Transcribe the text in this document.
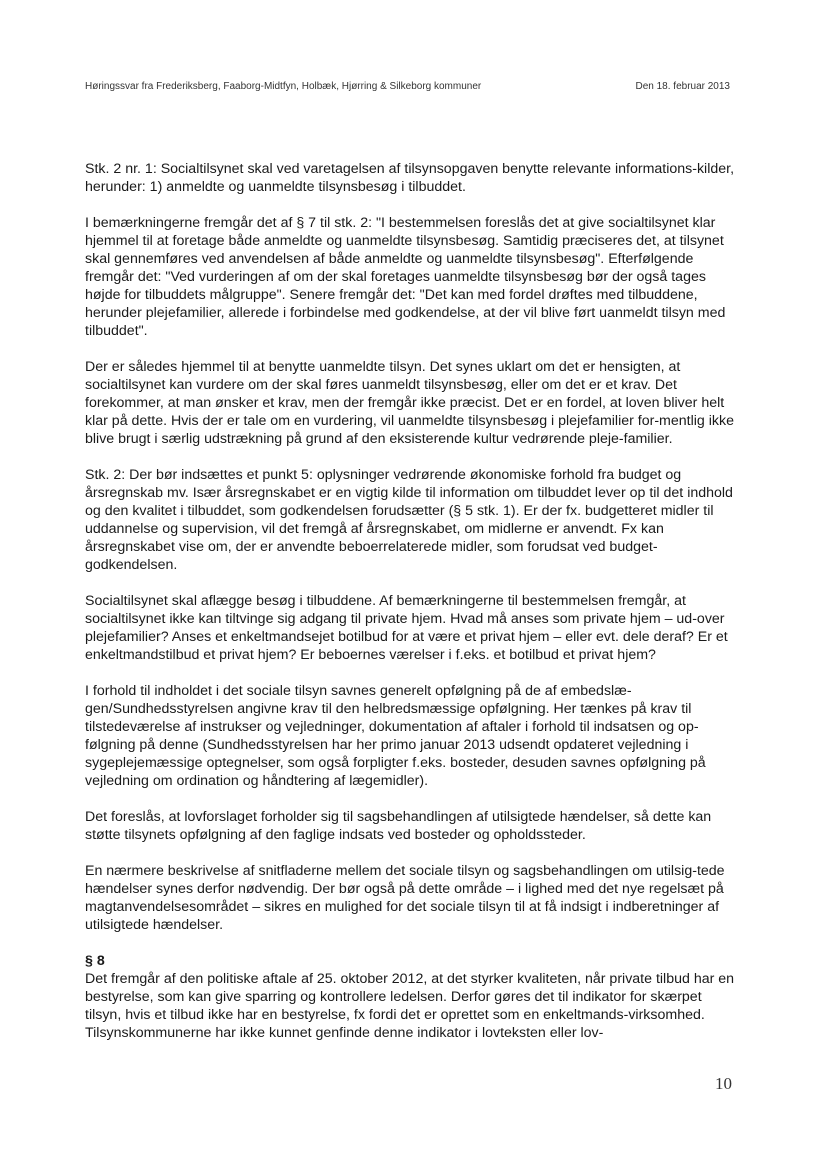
Høringssvar fra Frederiksberg, Faaborg-Midtfyn, Holbæk, Hjørring & Silkeborg kommuner	Den 18. februar 2013

Stk. 2 nr. 1: Socialtilsynet skal ved varetagelsen af tilsynsopgaven benytte relevante informations-kilder, herunder: 1) anmeldte og uanmeldte tilsynsbesøg i tilbuddet.

I bemærkningerne fremgår det af § 7 til stk. 2: "I bestemmelsen foreslås det at give socialtilsynet klar hjemmel til at foretage både anmeldte og uanmeldte tilsynsbesøg. Samtidig præciseres det, at tilsynet skal gennemføres ved anvendelsen af både anmeldte og uanmeldte tilsynsbesøg". Efterfølgende fremgår det: "Ved vurderingen af om der skal foretages uanmeldte tilsynsbesøg bør der også tages højde for tilbuddets målgruppe". Senere fremgår det: "Det kan med fordel drøftes med tilbuddene, herunder plejefamilier, allerede i forbindelse med godkendelse, at der vil blive ført uanmeldt tilsyn med tilbuddet".

Der er således hjemmel til at benytte uanmeldte tilsyn. Det synes uklart om det er hensigten, at socialtilsynet kan vurdere om der skal føres uanmeldt tilsynsbesøg, eller om det er et krav. Det forekommer, at man ønsker et krav, men der fremgår ikke præcist. Det er en fordel, at loven bliver helt klar på dette. Hvis der er tale om en vurdering, vil uanmeldte tilsynsbesøg i plejefamilier for-mentlig ikke blive brugt i særlig udstrækning på grund af den eksisterende kultur vedrørende pleje-familier.

Stk. 2: Der bør indsættes et punkt 5: oplysninger vedrørende økonomiske forhold fra budget og årsregnskab mv. Især årsregnskabet er en vigtig kilde til information om tilbuddet lever op til det indhold og den kvalitet i tilbuddet, som godkendelsen forudsætter (§ 5 stk. 1). Er der fx. budgetteret midler til uddannelse og supervision, vil det fremgå af årsregnskabet, om midlerne er anvendt. Fx kan årsregnskabet vise om, der er anvendte beboerrelaterede midler, som forudsat ved budget-godkendelsen.

Socialtilsynet skal aflægge besøg i tilbuddene. Af bemærkningerne til bestemmelsen fremgår, at socialtilsynet ikke kan tiltvinge sig adgang til private hjem. Hvad må anses som private hjem – ud-over plejefamilier? Anses et enkeltmandsejet botilbud for at være et privat hjem – eller evt. dele deraf? Er et enkeltmandstilbud et privat hjem? Er beboernes værelser i f.eks. et botilbud et privat hjem?

I forhold til indholdet i det sociale tilsyn savnes generelt opfølgning på de af embedslæ-gen/Sundhedsstyrelsen angivne krav til den helbredsmæssige opfølgning. Her tænkes på krav til tilstedeværelse af instrukser og vejledninger, dokumentation af aftaler i forhold til indsatsen og op-følgning på denne (Sundhedsstyrelsen har her primo januar 2013 udsendt opdateret vejledning i sygeplejemæssige optegnelser, som også forpligter f.eks. bosteder, desuden savnes opfølgning på vejledning om ordination og håndtering af lægemidler).

Det foreslås, at lovforslaget forholder sig til sagsbehandlingen af utilsigtede hændelser, så dette kan støtte tilsynets opfølgning af den faglige indsats ved bosteder og opholdssteder.

En nærmere beskrivelse af snitfladerne mellem det sociale tilsyn og sagsbehandlingen om utilsig-tede hændelser synes derfor nødvendig. Der bør også på dette område – i lighed med det nye regelsæt på magtanvendelsesområdet – sikres en mulighed for det sociale tilsyn til at få indsigt i indberetninger af utilsigtede hændelser.

§ 8

Det fremgår af den politiske aftale af 25. oktober 2012, at det styrker kvaliteten, når private tilbud har en bestyrelse, som kan give sparring og kontrollere ledelsen. Derfor gøres det til indikator for skærpet tilsyn, hvis et tilbud ikke har en bestyrelse, fx fordi det er oprettet som en enkeltmands-virksomhed. Tilsynskommunerne har ikke kunnet genfinde denne indikator i lovteksten eller lov-

10
